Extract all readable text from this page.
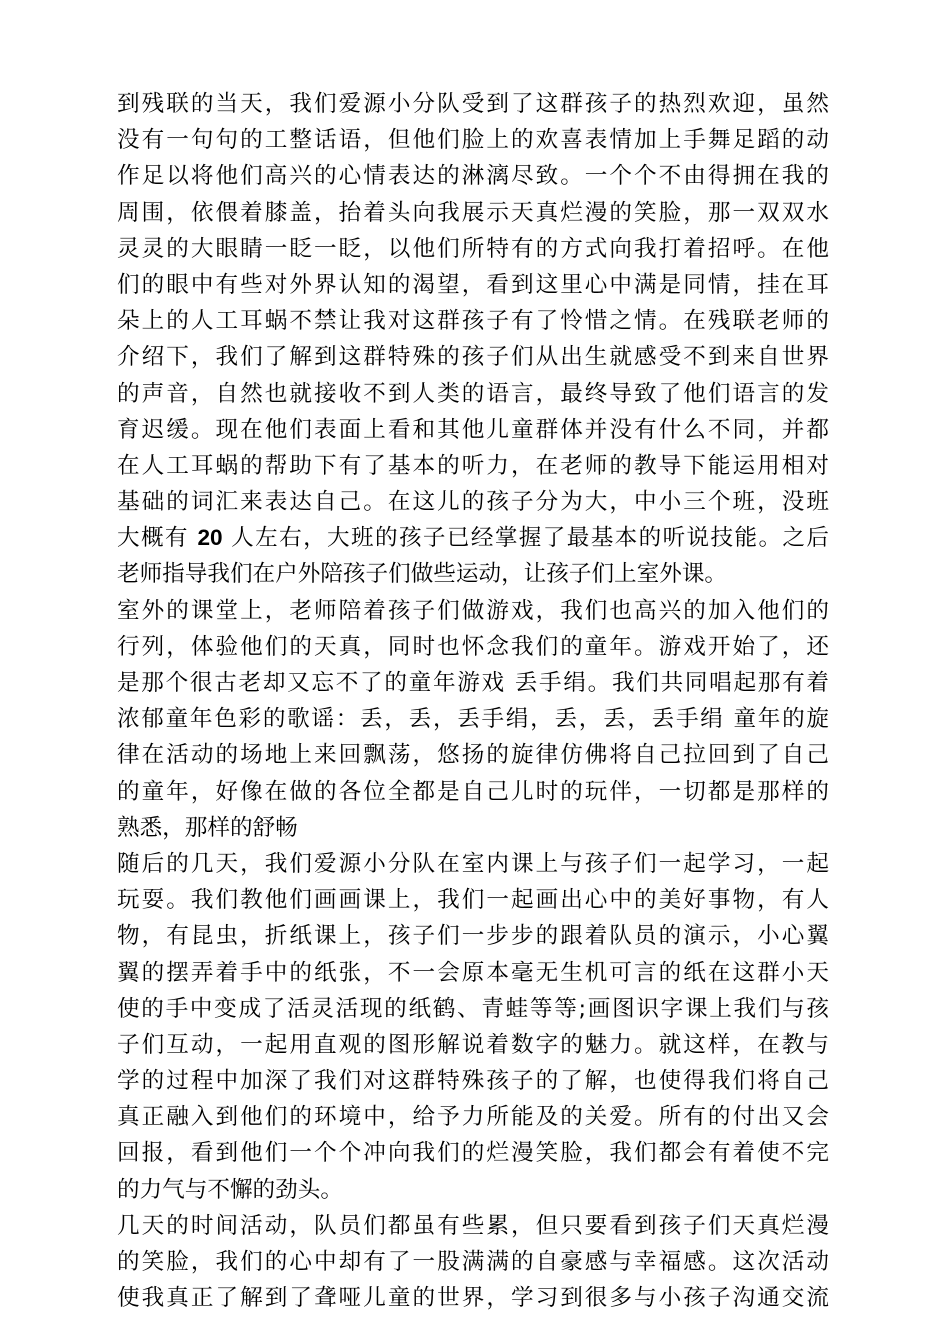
到残联的当天，我们爱源小分队受到了这群孩子的热烈欢迎，虽然
没有一句句的工整话语，但他们脸上的欢喜表情加上手舞足蹈的动
作足以将他们高兴的心情表达的淋漓尽致。一个个不由得拥在我的
周围，依偎着膝盖，抬着头向我展示天真烂漫的笑脸，那一双双水
灵灵的大眼睛一眨一眨，以他们所特有的方式向我打着招呼。在他
们的眼中有些对外界认知的渴望，看到这里心中满是同情，挂在耳
朵上的人工耳蜗不禁让我对这群孩子有了怜惜之情。在残联老师的
介绍下，我们了解到这群特殊的孩子们从出生就感受不到来自世界
的声音，自然也就接收不到人类的语言，最终导致了他们语言的发
育迟缓。现在他们表面上看和其他儿童群体并没有什么不同，并都
在人工耳蜗的帮助下有了基本的听力，在老师的教导下能运用相对
基础的词汇来表达自己。在这儿的孩子分为大，中小三个班，没班
大概有 20 人左右，大班的孩子已经掌握了最基本的听说技能。之后
老师指导我们在户外陪孩子们做些运动，让孩子们上室外课。
室外的课堂上，老师陪着孩子们做游戏，我们也高兴的加入他们的
行列，体验他们的天真，同时也怀念我们的童年。游戏开始了，还
是那个很古老却又忘不了的童年游戏 丢手绢。我们共同唱起那有着
浓郁童年色彩的歌谣：丢，丢，丢手绢，丢，丢，丢手绢 童年的旋
律在活动的场地上来回飘荡，悠扬的旋律仿佛将自己拉回到了自己
的童年，好像在做的各位全都是自己儿时的玩伴，一切都是那样的
熟悉，那样的舒畅
随后的几天，我们爱源小分队在室内课上与孩子们一起学习，一起
玩耍。我们教他们画画课上，我们一起画出心中的美好事物，有人
物，有昆虫，折纸课上，孩子们一步步的跟着队员的演示，小心翼
翼的摆弄着手中的纸张，不一会原本毫无生机可言的纸在这群小天
使的手中变成了活灵活现的纸鹤、青蛙等等;画图识字课上我们与孩
子们互动，一起用直观的图形解说着数字的魅力。就这样，在教与
学的过程中加深了我们对这群特殊孩子的了解，也使得我们将自己
真正融入到他们的环境中，给予力所能及的关爱。所有的付出又会
回报，看到他们一个个冲向我们的烂漫笑脸，我们都会有着使不完
的力气与不懈的劲头。
几天的时间活动，队员们都虽有些累，但只要看到孩子们天真烂漫
的笑脸，我们的心中却有了一股满满的自豪感与幸福感。这次活动
使我真正了解到了聋哑儿童的世界，学习到很多与小孩子沟通交流
